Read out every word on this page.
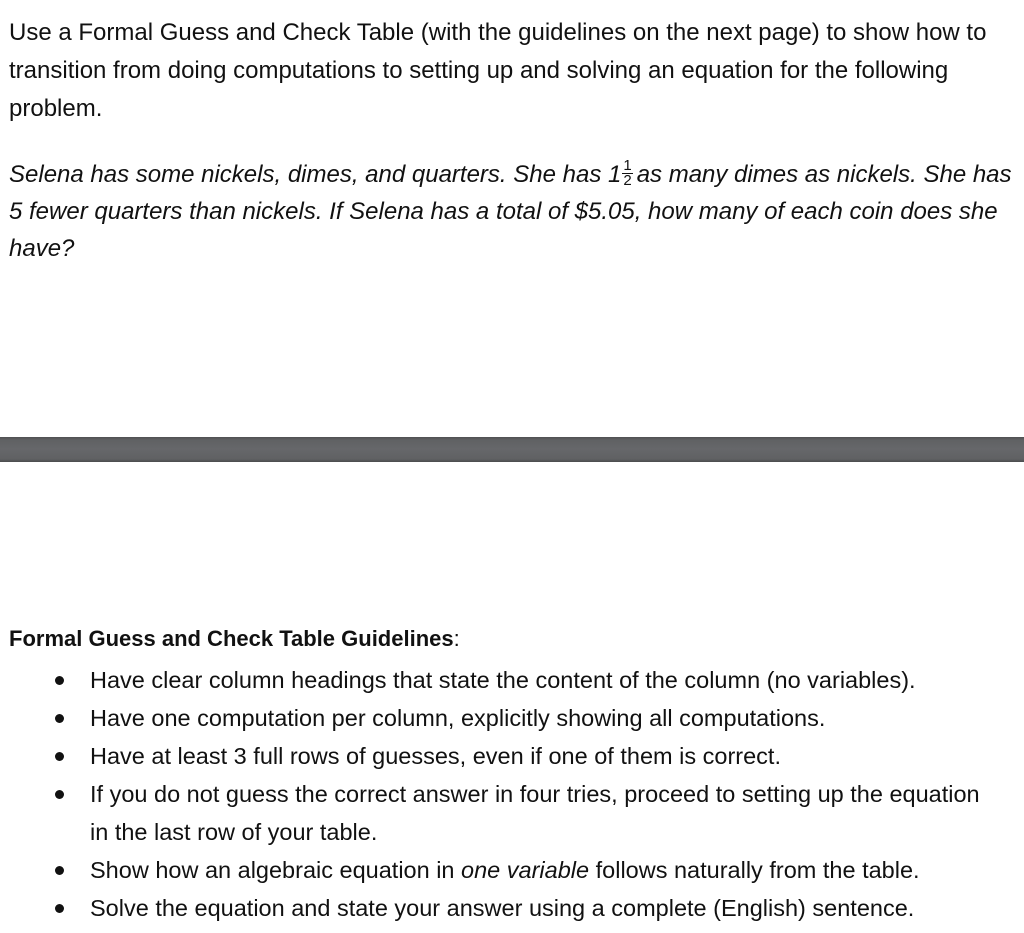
Use a Formal Guess and Check Table (with the guidelines on the next page) to show how to transition from doing computations to setting up and solving an equation for the following problem.

Selena has some nickels, dimes, and quarters. She has $1 \frac{1}{2}$ as many dimes as nickels. She has 5 fewer quarters than nickels. If Selena has a total of $5.05, how many of each coin does she have?

Formal Guess and Check Table Guidelines:

Have clear column headings that state the content of the column (no variables).
Have one computation per column, explicitly showing all computations.
Have at least 3 full rows of guesses, even if one of them is correct.
If you do not guess the correct answer in four tries, proceed to setting up the equation in the last row of your table.
Show how an algebraic equation in one variable follows naturally from the table.
Solve the equation and state your answer using a complete (English) sentence.
